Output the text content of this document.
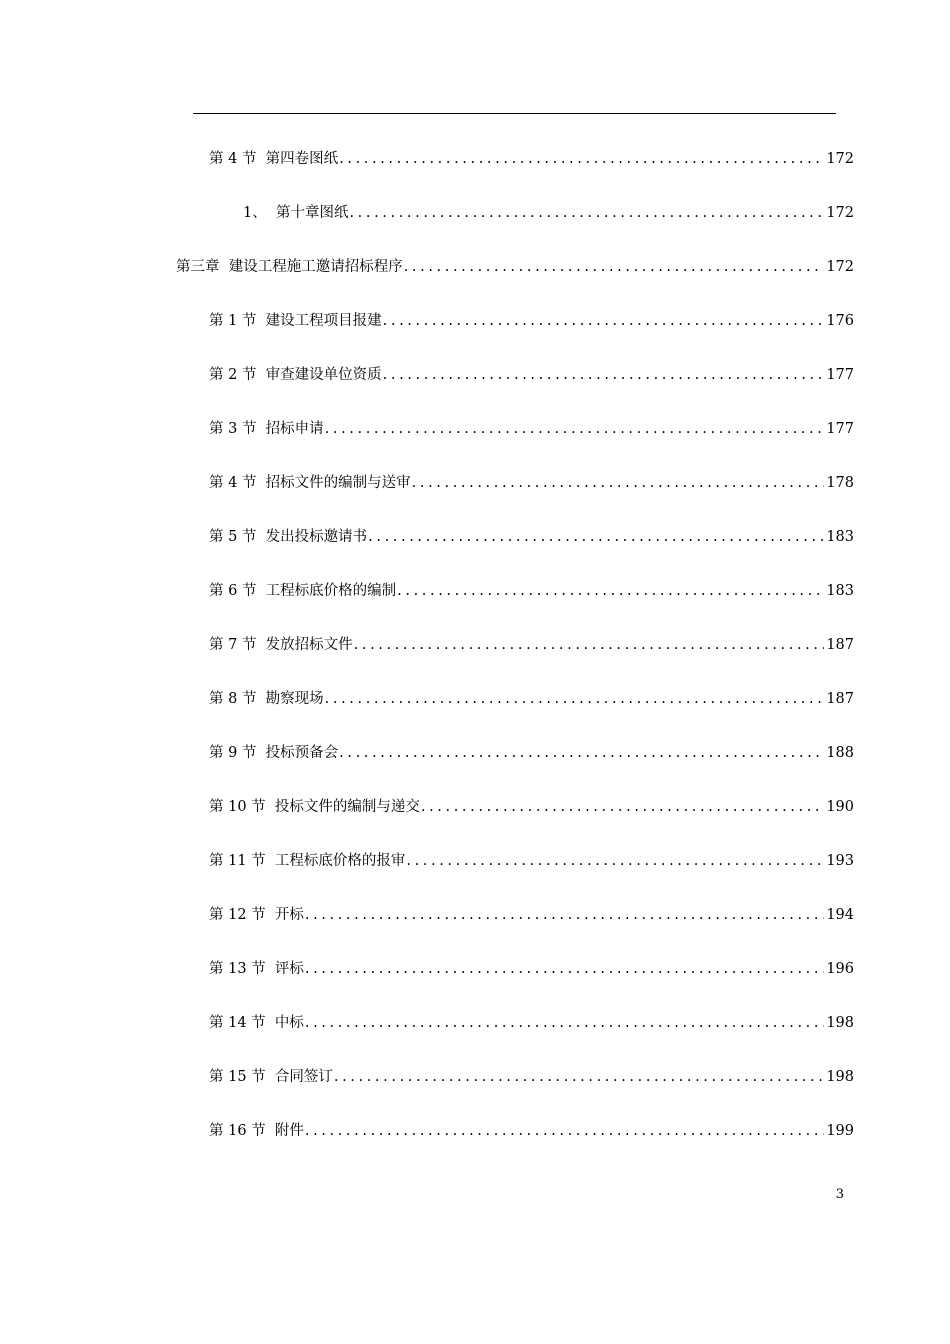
第 4 节  第四卷图纸 .....	172
1、  第十章图纸 .....	172
第三章  建设工程施工邀请招标程序 .....	172
第 1 节  建设工程项目报建 .....	176
第 2 节  审查建设单位资质 .....	177
第 3 节  招标申请 .....	177
第 4 节  招标文件的编制与送审 .....	178
第 5 节  发出投标邀请书 .....	183
第 6 节  工程标底价格的编制 .....	183
第 7 节  发放招标文件 .....	187
第 8 节  勘察现场 .....	187
第 9 节  投标预备会 .....	188
第 10 节  投标文件的编制与递交 .....	190
第 11 节  工程标底价格的报审 .....	193
第 12 节  开标 .....	194
第 13 节  评标 .....	196
第 14 节  中标 .....	198
第 15 节  合同签订 .....	198
第 16 节  附件 .....	199
3
